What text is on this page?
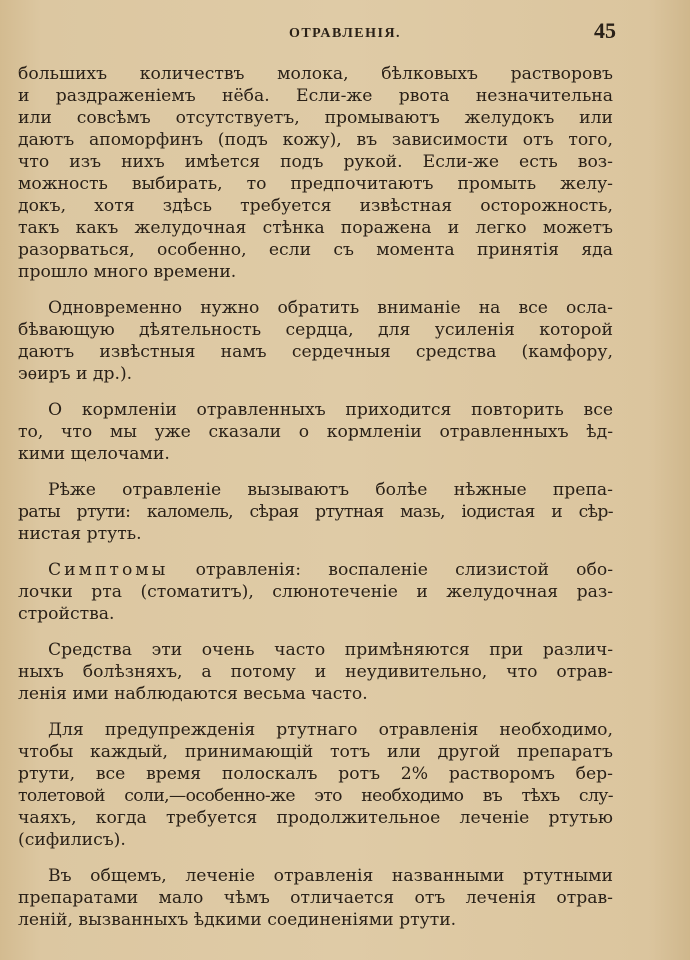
ОТРАВЛЕНІЯ.	45
большихъ количествъ молока, бѣлковыхъ растворовъ
и раздраженіемъ нёба. Если-же рвота незначительна
или совсѣмъ отсутствуетъ, промываютъ желудокъ или
даютъ апоморфинъ (подъ кожу), въ зависимости отъ того,
что изъ нихъ имѣется подъ рукой. Если-же есть воз-
можность выбирать, то предпочитаютъ промыть желу-
докъ, хотя здѣсь требуется извѣстная осторожность,
такъ какъ желудочная стѣнка поражена и легко можетъ
разорваться, особенно, если съ момента принятія яда
прошло много времени.
Одновременно нужно обратить вниманіе на все осла-
бѣвающую дѣятельность сердца, для усиленія которой
даютъ извѣстныя намъ сердечныя средства (камфору,
эѳиръ и др.).
О кормленіи отравленныхъ приходится повторить все
то, что мы уже сказали о кормленіи отравленныхъ ѣд-
кими щелочами.
Рѣже отравленіе вызываютъ болѣе нѣжные препа-
раты ртути: каломель, сѣрая ртутная мазь, іодистая и сѣр-
нистая ртуть.
Симптомы отравленія: воспаленіе слизистой обо-
лочки рта (стоматитъ), слюнотеченіе и желудочная раз-
стройства.
Средства эти очень часто примѣняются при различ-
ныхъ болѣзняхъ, а потому и неудивительно, что отрав-
ленія ими наблюдаются весьма часто.
Для предупрежденія ртутнаго отравленія необходимо,
чтобы каждый, принимающій тотъ или другой препаратъ
ртути, все время полоскалъ ротъ 2% растворомъ бер-
толетовой соли,—особенно-же это необходимо въ тѣхъ слу-
чаяхъ, когда требуется продолжительное леченіе ртутью
(сифилисъ).
Въ общемъ, леченіе отравленія названными ртутными
препаратами мало чѣмъ отличается отъ леченія отрав-
леній, вызванныхъ ѣдкими соединеніями ртути.
